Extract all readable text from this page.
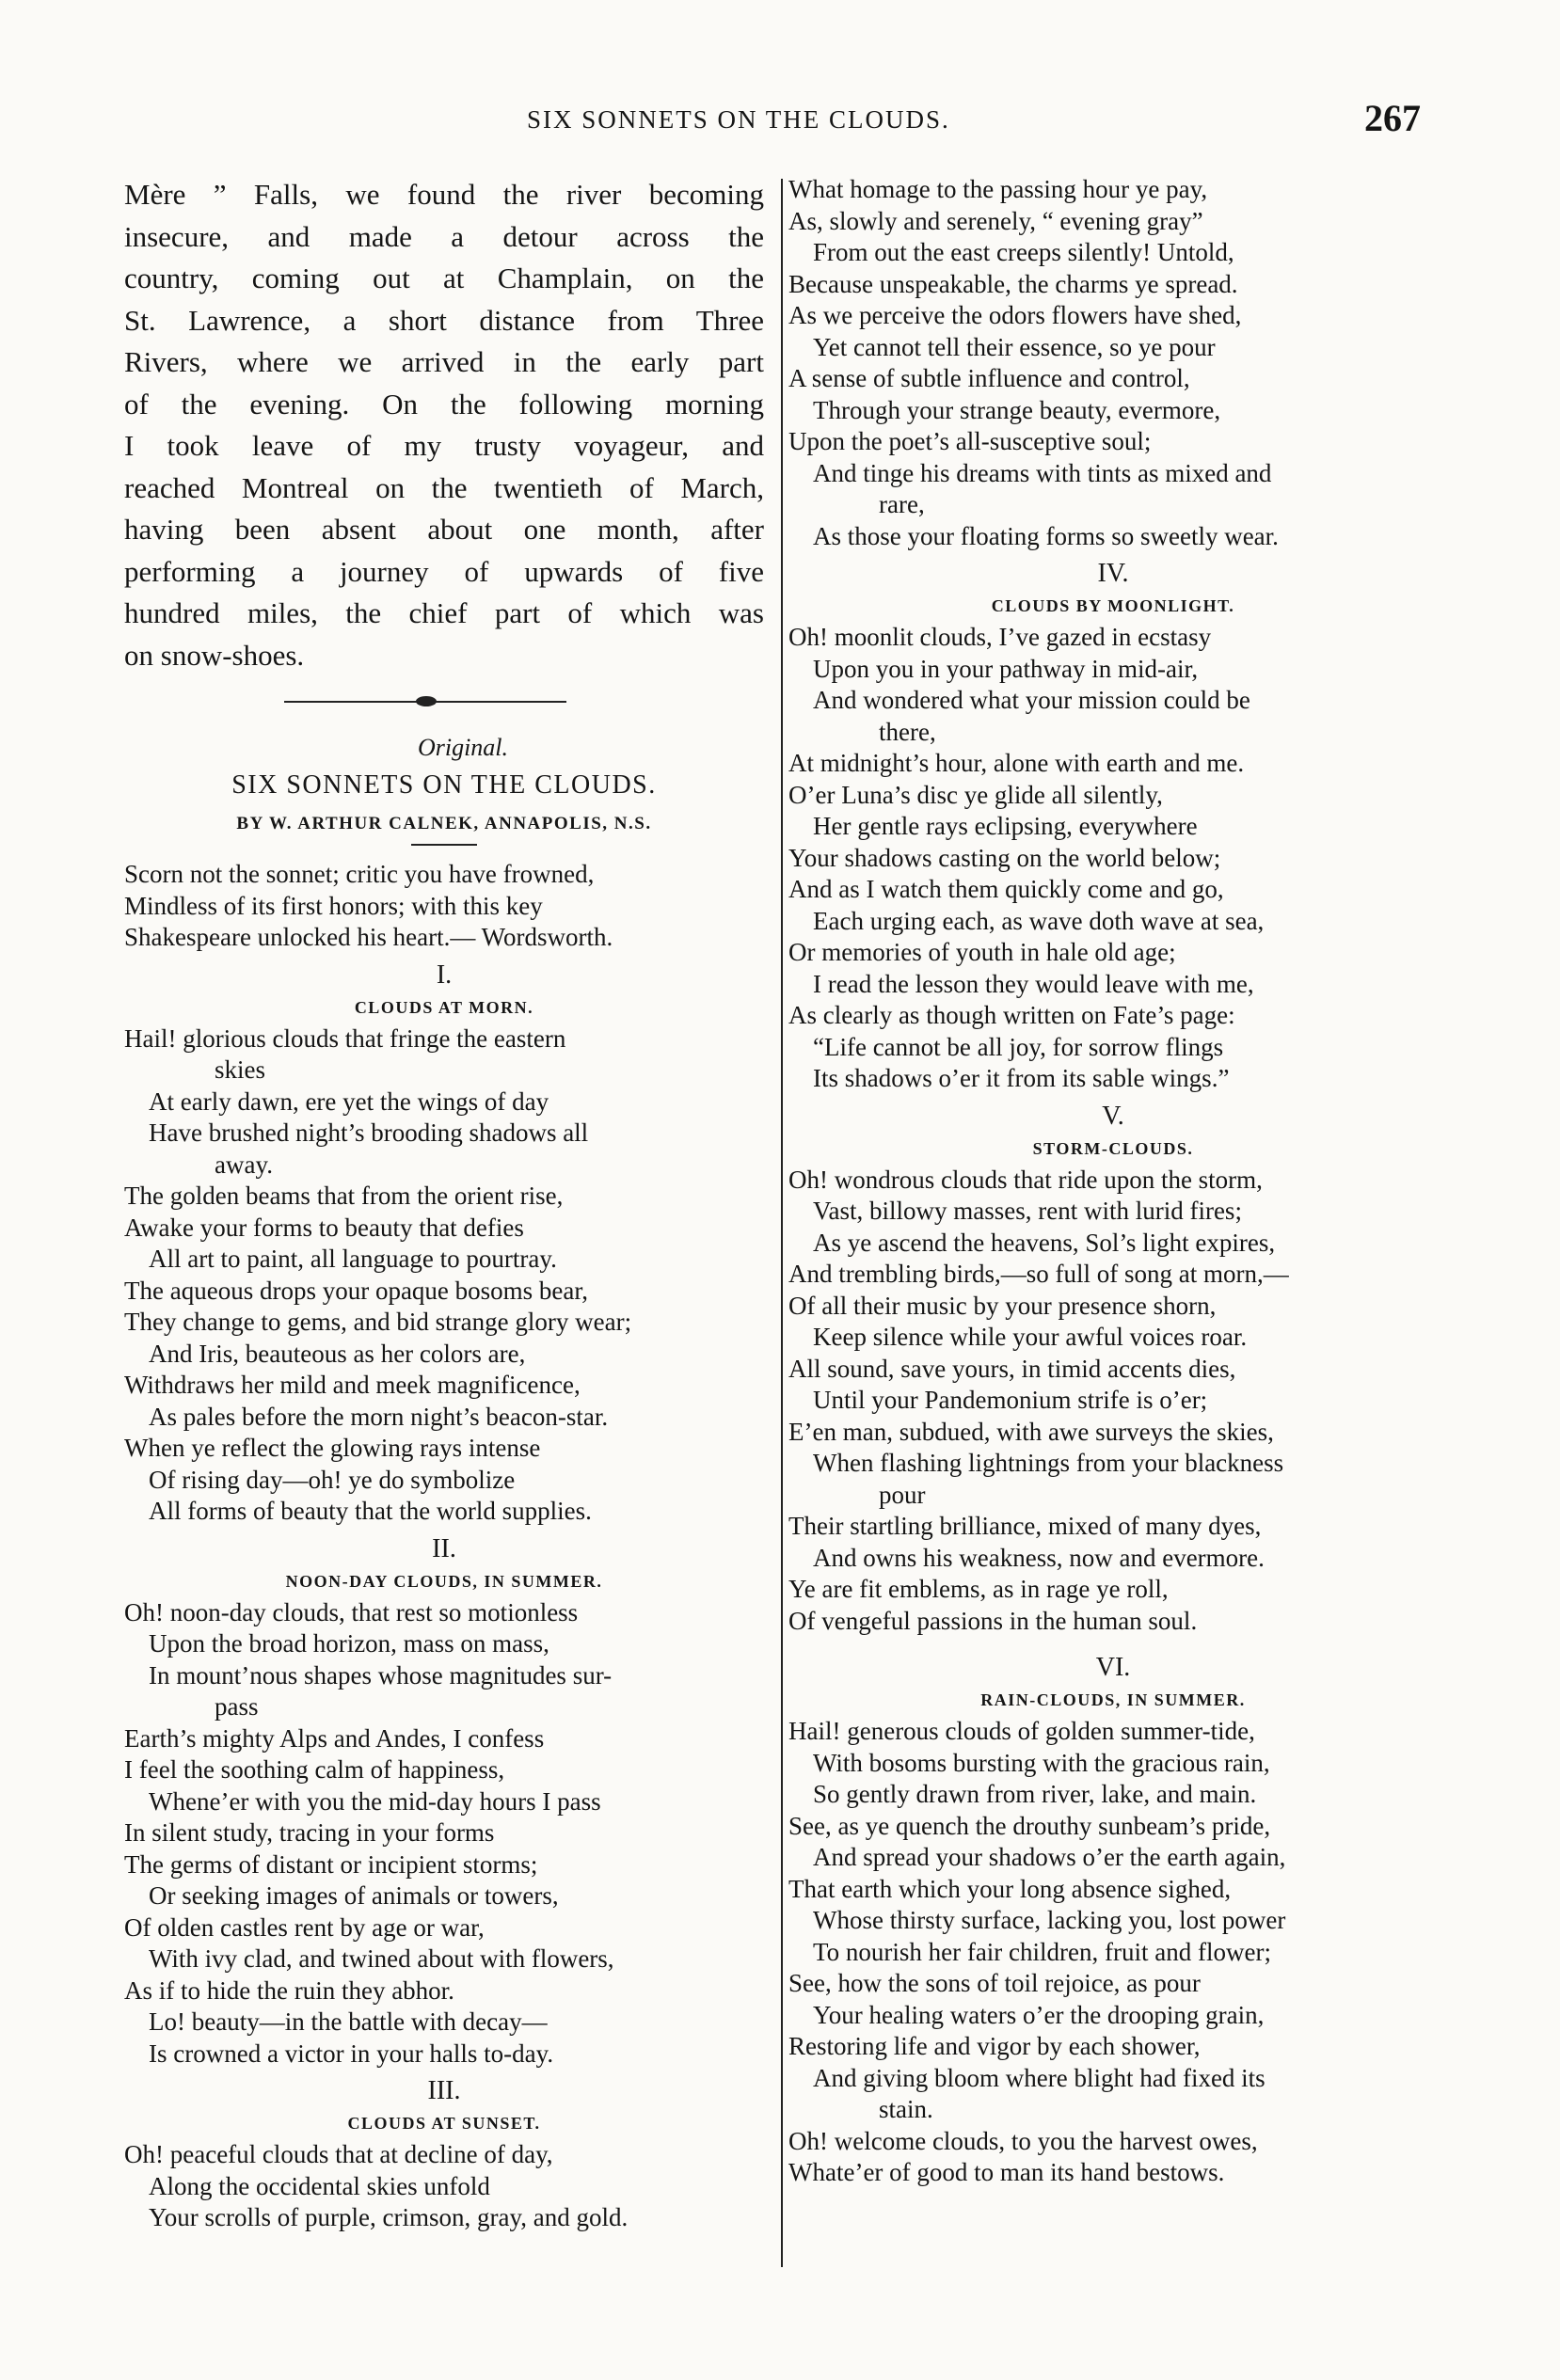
SIX SONNETS ON THE CLOUDS.	267
Mère ” Falls, we found the river becoming
insecure, and made a detour across the
country, coming out at Champlain, on the
St. Lawrence, a short distance from Three
Rivers, where we arrived in the early part
of the evening. On the following morning
I took leave of my trusty voyageur, and
reached Montreal on the twentieth of March,
having been absent about one month, after
performing a journey of upwards of five
hundred miles, the chief part of which was
on snow-shoes.
Original.
SIX SONNETS ON THE CLOUDS.
BY W. ARTHUR CALNEK, ANNAPOLIS, N.S.
Scorn not the sonnet; critic you have frowned,
Mindless of its first honors; with this key
Shakespeare unlocked his heart.— Wordsworth.
I.
CLOUDS AT MORN.
Hail! glorious clouds that fringe the eastern
skies
At early dawn, ere yet the wings of day
Have brushed night’s brooding shadows all
away.
The golden beams that from the orient rise,
Awake your forms to beauty that defies
All art to paint, all language to pourtray.
The aqueous drops your opaque bosoms bear,
They change to gems, and bid strange glory wear;
And Iris, beauteous as her colors are,
Withdraws her mild and meek magnificence,
As pales before the morn night’s beacon-star.
When ye reflect the glowing rays intense
Of rising day—oh! ye do symbolize
All forms of beauty that the world supplies.
II.
NOON-DAY CLOUDS, IN SUMMER.
Oh! noon-day clouds, that rest so motionless
Upon the broad horizon, mass on mass,
In mount’nous shapes whose magnitudes sur-
pass
Earth’s mighty Alps and Andes, I confess
I feel the soothing calm of happiness,
Whene’er with you the mid-day hours I pass
In silent study, tracing in your forms
The germs of distant or incipient storms;
Or seeking images of animals or towers,
Of olden castles rent by age or war,
With ivy clad, and twined about with flowers,
As if to hide the ruin they abhor.
Lo! beauty—in the battle with decay—
Is crowned a victor in your halls to-day.
III.
CLOUDS AT SUNSET.
Oh! peaceful clouds that at decline of day,
Along the occidental skies unfold
Your scrolls of purple, crimson, gray, and gold.
What homage to the passing hour ye pay,
As, slowly and serenely, “ evening gray”
From out the east creeps silently! Untold,
Because unspeakable, the charms ye spread.
As we perceive the odors flowers have shed,
Yet cannot tell their essence, so ye pour
A sense of subtle influence and control,
Through your strange beauty, evermore,
Upon the poet’s all-susceptive soul;
And tinge his dreams with tints as mixed and
rare,
As those your floating forms so sweetly wear.
IV.
CLOUDS BY MOONLIGHT.
Oh! moonlit clouds, I’ve gazed in ecstasy
Upon you in your pathway in mid-air,
And wondered what your mission could be
there,
At midnight’s hour, alone with earth and me.
O’er Luna’s disc ye glide all silently,
Her gentle rays eclipsing, everywhere
Your shadows casting on the world below;
And as I watch them quickly come and go,
Each urging each, as wave doth wave at sea,
Or memories of youth in hale old age;
I read the lesson they would leave with me,
As clearly as though written on Fate’s page:
“Life cannot be all joy, for sorrow flings
Its shadows o’er it from its sable wings.”
V.
STORM-CLOUDS.
Oh! wondrous clouds that ride upon the storm,
Vast, billowy masses, rent with lurid fires;
As ye ascend the heavens, Sol’s light expires,
And trembling birds,—so full of song at morn,—
Of all their music by your presence shorn,
Keep silence while your awful voices roar.
All sound, save yours, in timid accents dies,
Until your Pandemonium strife is o’er;
E’en man, subdued, with awe surveys the skies,
When flashing lightnings from your blackness
pour
Their startling brilliance, mixed of many dyes,
And owns his weakness, now and evermore.
Ye are fit emblems, as in rage ye roll,
Of vengeful passions in the human soul.
VI.
RAIN-CLOUDS, IN SUMMER.
Hail! generous clouds of golden summer-tide,
With bosoms bursting with the gracious rain,
So gently drawn from river, lake, and main.
See, as ye quench the drouthy sunbeam’s pride,
And spread your shadows o’er the earth again,
That earth which your long absence sighed,
Whose thirsty surface, lacking you, lost power
To nourish her fair children, fruit and flower;
See, how the sons of toil rejoice, as pour
Your healing waters o’er the drooping grain,
Restoring life and vigor by each shower,
And giving bloom where blight had fixed its
stain.
Oh! welcome clouds, to you the harvest owes,
Whate’er of good to man its hand bestows.
